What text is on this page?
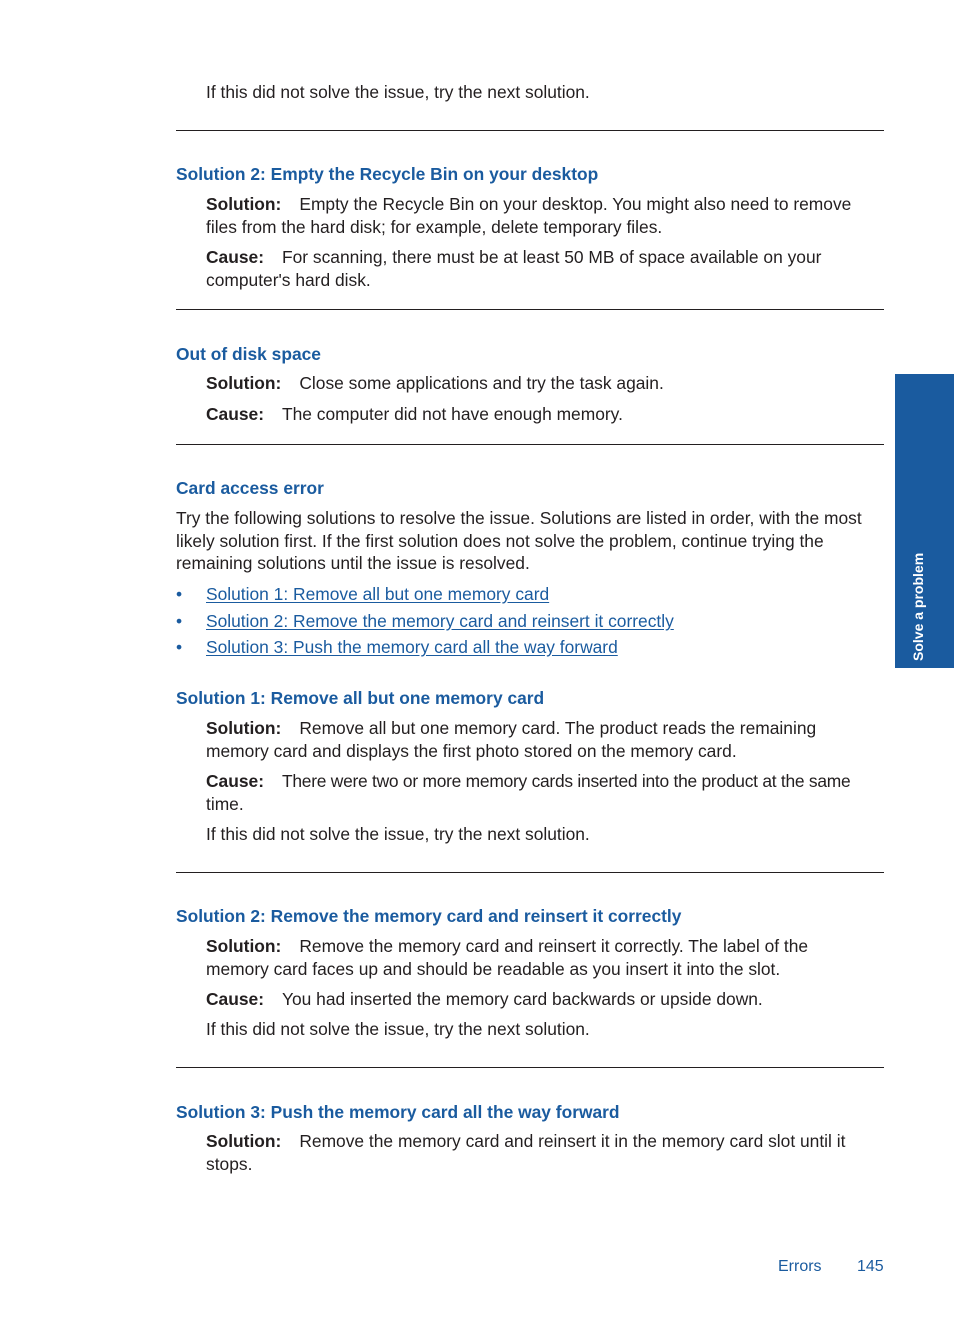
If this did not solve the issue, try the next solution.
Solution 2: Empty the Recycle Bin on your desktop
Solution: Empty the Recycle Bin on your desktop. You might also need to remove
files from the hard disk; for example, delete temporary files.
Cause: For scanning, there must be at least 50 MB of space available on your
computer's hard disk.
Out of disk space
Solution: Close some applications and try the task again.
Cause: The computer did not have enough memory.
Card access error
Try the following solutions to resolve the issue. Solutions are listed in order, with the most
likely solution first. If the first solution does not solve the problem, continue trying the
remaining solutions until the issue is resolved.
• Solution 1: Remove all but one memory card
• Solution 2: Remove the memory card and reinsert it correctly
• Solution 3: Push the memory card all the way forward
Solution 1: Remove all but one memory card
Solution: Remove all but one memory card. The product reads the remaining
memory card and displays the first photo stored on the memory card.
Cause: There were two or more memory cards inserted into the product at the same
time.
If this did not solve the issue, try the next solution.
Solution 2: Remove the memory card and reinsert it correctly
Solution: Remove the memory card and reinsert it correctly. The label of the
memory card faces up and should be readable as you insert it into the slot.
Cause: You had inserted the memory card backwards or upside down.
If this did not solve the issue, try the next solution.
Solution 3: Push the memory card all the way forward
Solution: Remove the memory card and reinsert it in the memory card slot until it
stops.
Solve a problem
Errors 145
